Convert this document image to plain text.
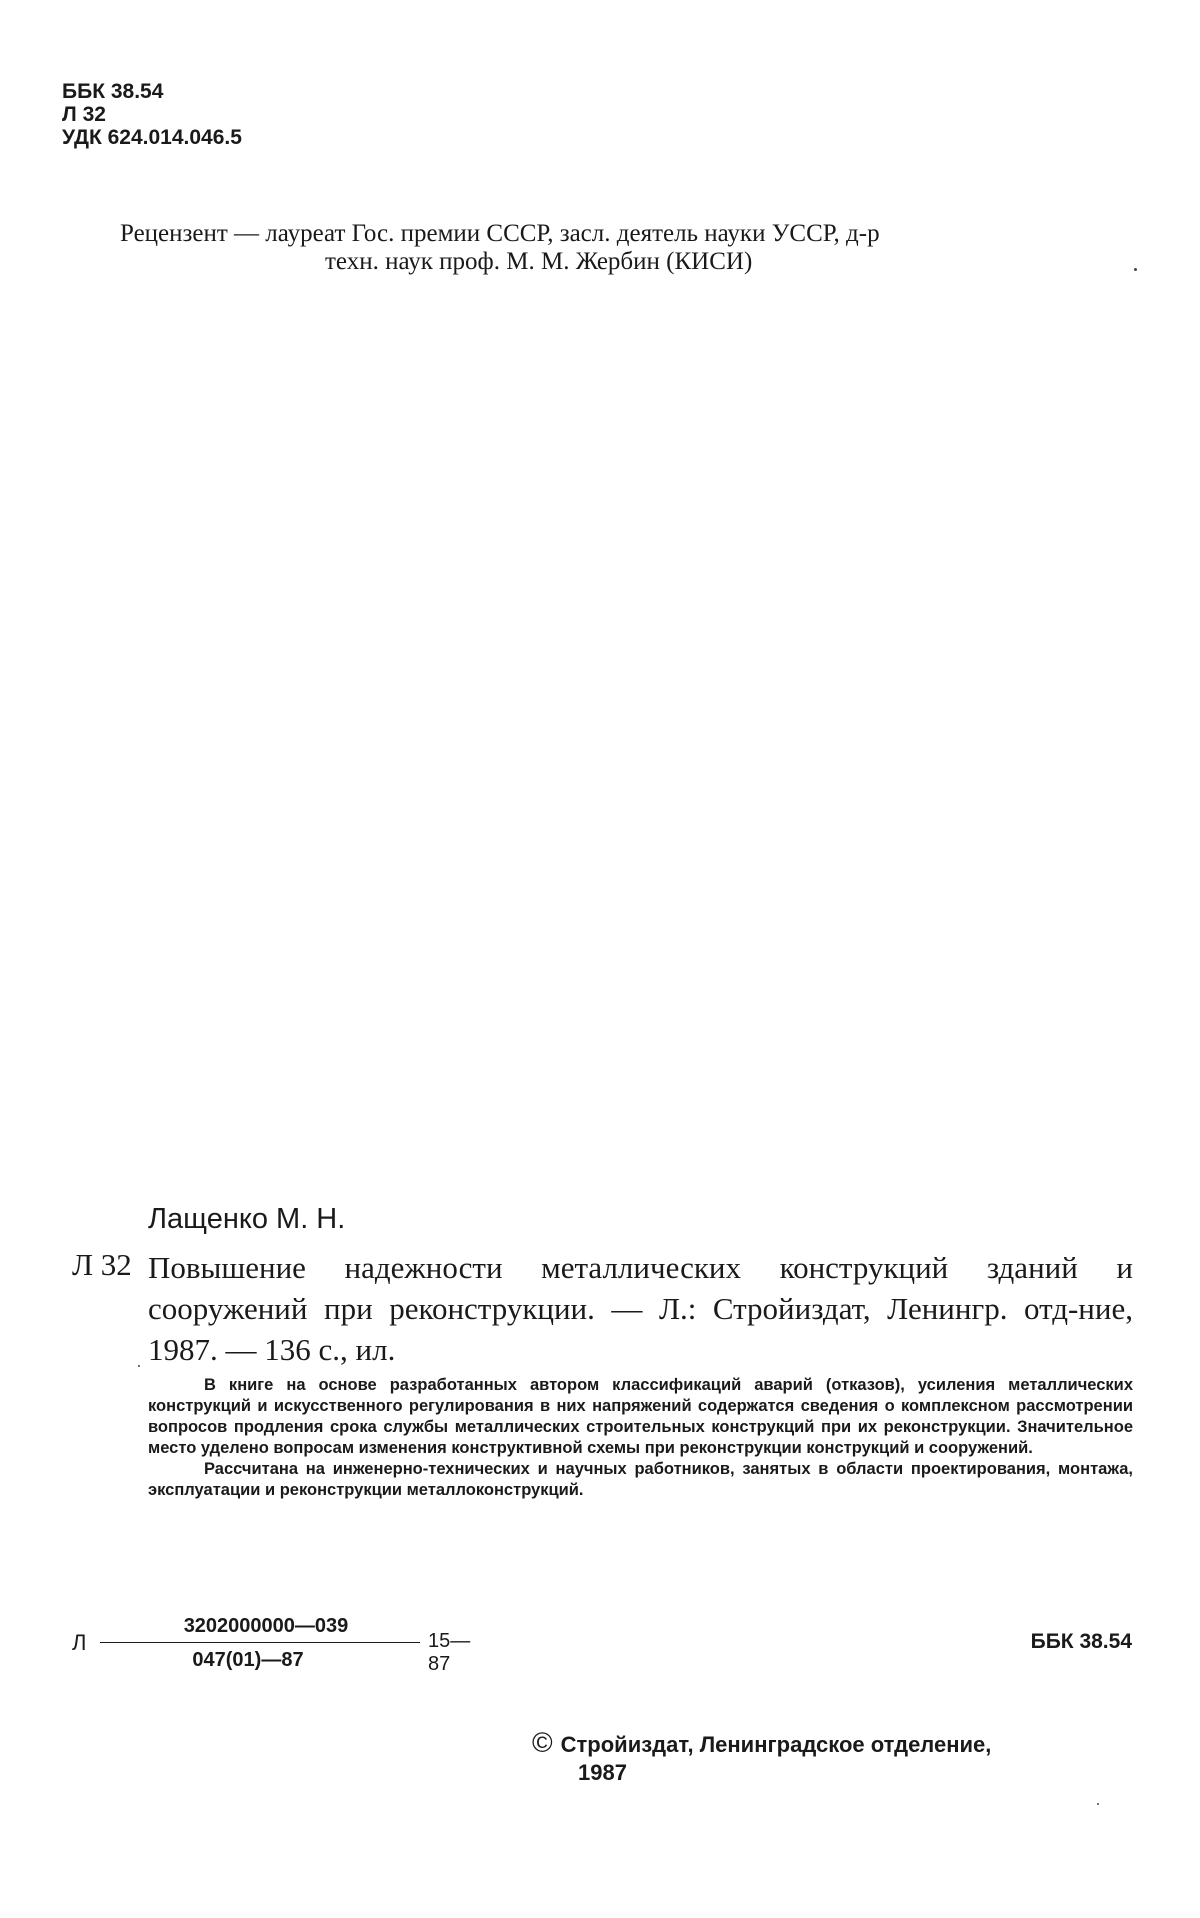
ББК 38.54
Л 32
УДК 624.014.046.5
Рецензент — лауреат Гос. премии СССР, засл. деятель науки УССР, д-р
техн. наук проф. М. М. Жербин (КИСИ)
Лащенко М. Н.
Л 32 Повышение надежности металлических конструкций зданий и сооружений при реконструкции. — Л.: Стройиздат, Ленингр. отд-ние, 1987. — 136 с., ил.

В книге на основе разработанных автором классификаций аварий (отказов), усиления металлических конструкций и искусственного регулирования в них напряжений содержатся сведения о комплексном рассмотрении вопросов продления срока службы металлических строительных конструкций при их реконструкции. Значительное место уделено вопросам изменения конструктивной схемы при реконструкции конструкций и сооружений.

Рассчитана на инженерно-технических и научных работников, занятых в области проектирования, монтажа, эксплуатации и реконструкции металлоконструкций.

Л
3202000000—039
047(01)—87
15—87
ББК 38.54
© Стройиздат, Ленинградское отделение,
1987
